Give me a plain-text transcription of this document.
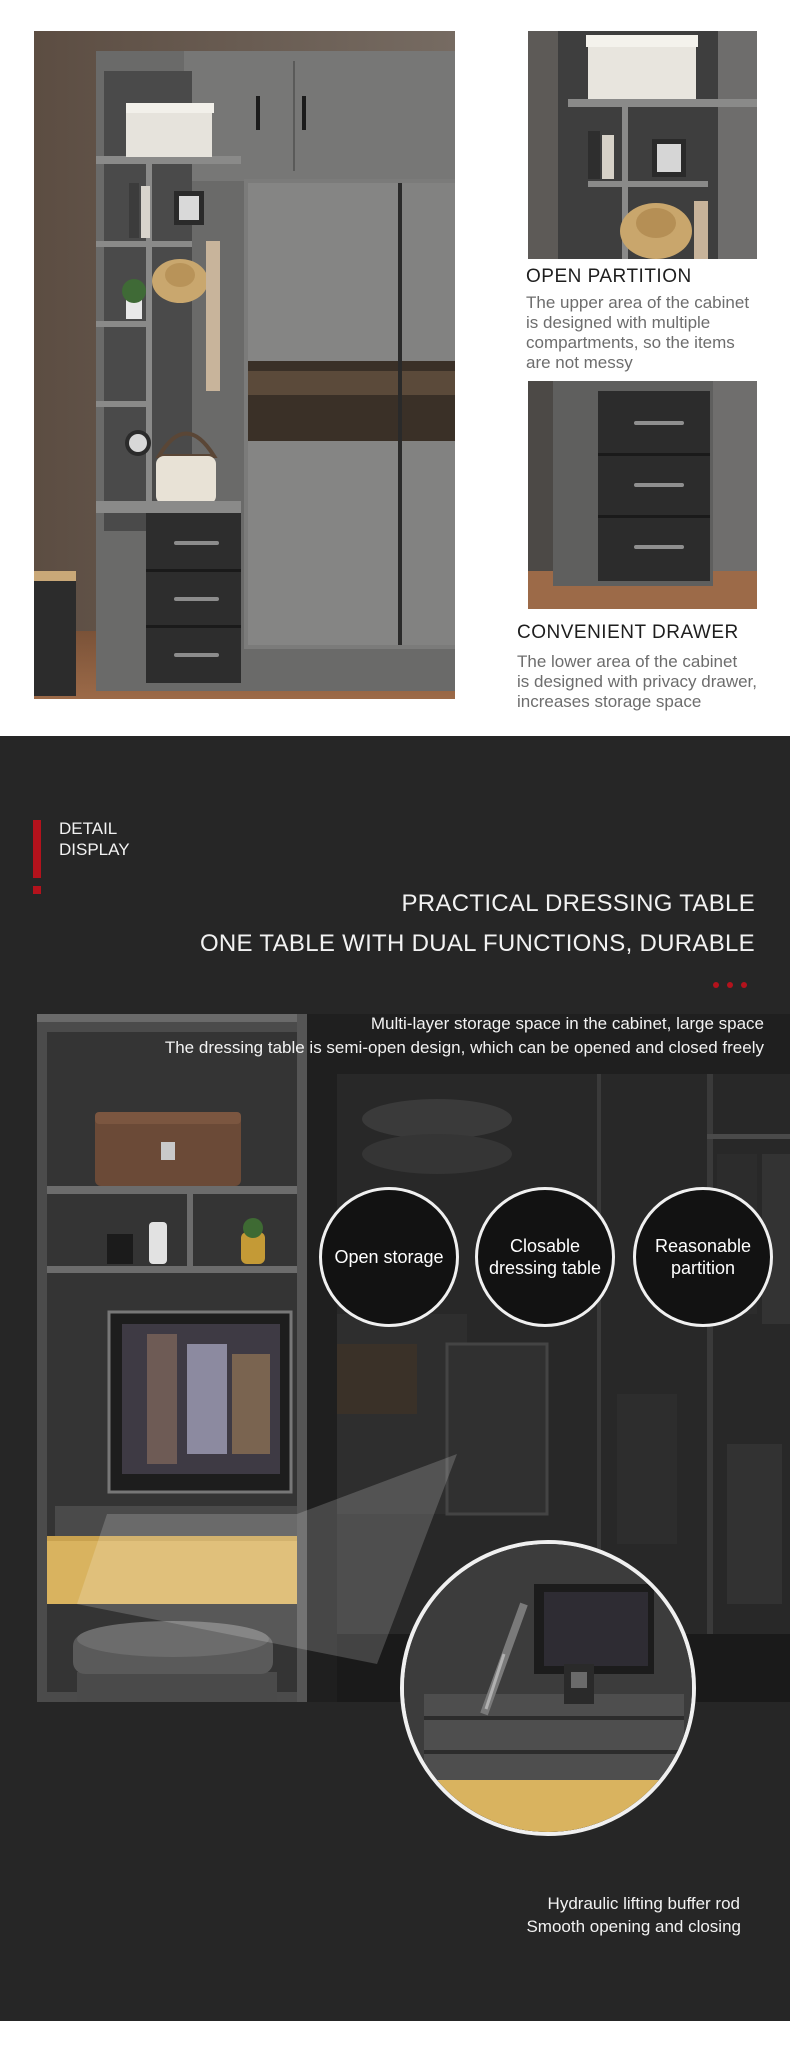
OPEN PARTITION
The upper area of the cabinet
is designed with multiple
compartments, so the items
are not messy
CONVENIENT DRAWER
The lower area of the cabinet
is designed with privacy drawer,
increases storage space
DETAIL
DISPLAY
PRACTICAL DRESSING TABLE
ONE TABLE WITH DUAL FUNCTIONS, DURABLE
Multi-layer storage space in the cabinet, large space
The dressing table is semi-open design, which can be opened and closed freely
Open storage
Closable dressing table
Reasonable partition
Hydraulic lifting buffer rod
Smooth opening and closing
